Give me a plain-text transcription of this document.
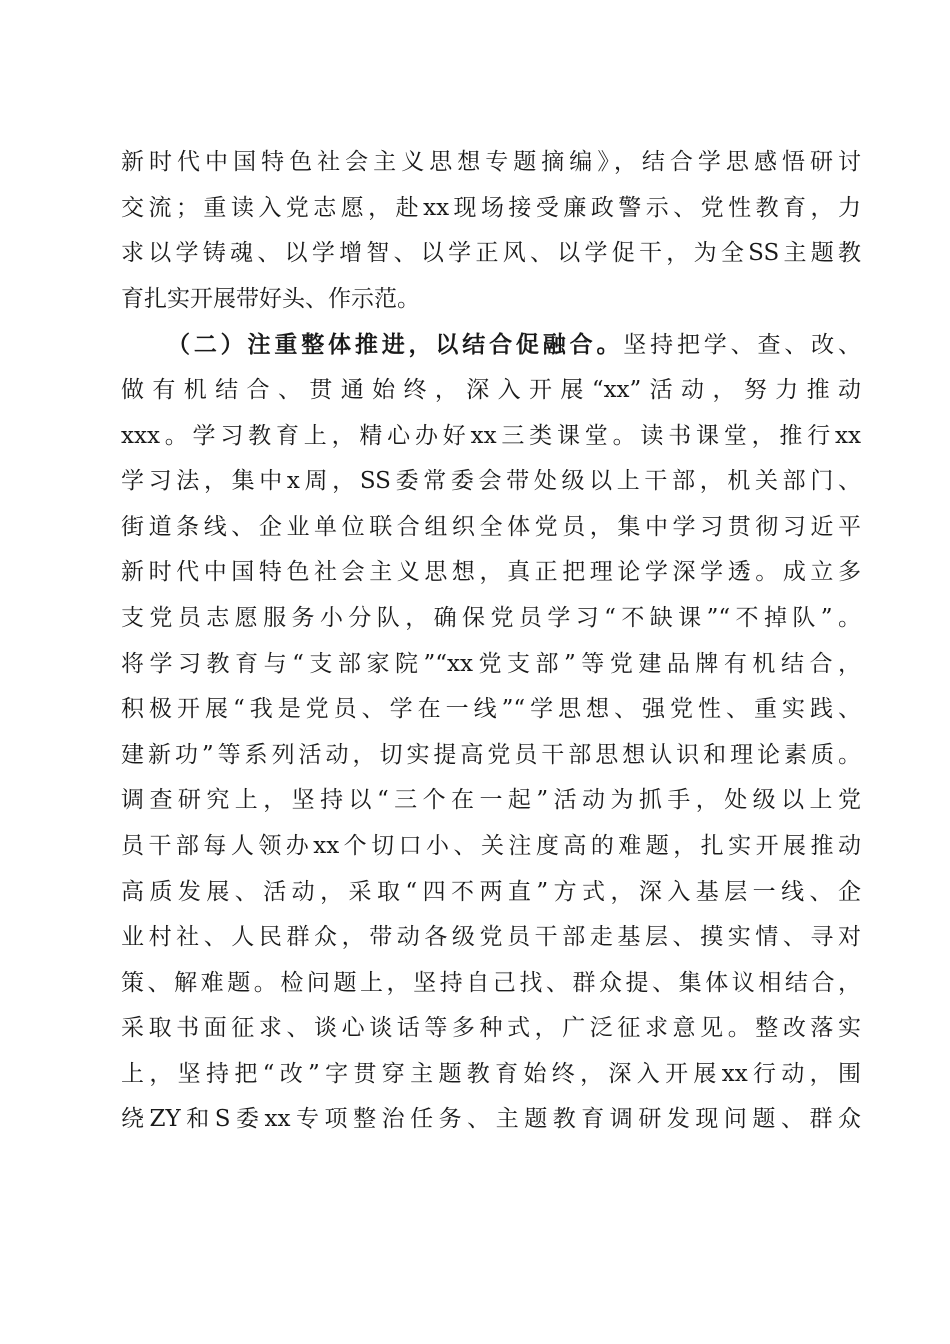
新时代中国特色社会主义思想专题摘编》，结合学思感悟研讨
交流；重读入党志愿，赴xx现场接受廉政警示、党性教育，力
求以学铸魂、以学增智、以学正风、以学促干，为全SS主题教
育扎实开展带好头、作示范。
（二）注重整体推进，以结合促融合。坚持把学、查、改、
做有机结合、贯通始终，深入开展“xx”活动，努力推动
xxx。学习教育上，精心办好xx三类课堂。读书课堂，推行xx
学习法，集中x周，SS委常委会带处级以上干部，机关部门、
街道条线、企业单位联合组织全体党员，集中学习贯彻习近平
新时代中国特色社会主义思想，真正把理论学深学透。成立多
支党员志愿服务小分队，确保党员学习“不缺课”“不掉队”。
将学习教育与“支部家院”“xx党支部”等党建品牌有机结合，
积极开展“我是党员、学在一线”“学思想、强党性、重实践、
建新功”等系列活动，切实提高党员干部思想认识和理论素质。
调查研究上，坚持以“三个在一起”活动为抓手，处级以上党
员干部每人领办xx个切口小、关注度高的难题，扎实开展推动
高质发展、活动，采取“四不两直”方式，深入基层一线、企
业村社、人民群众，带动各级党员干部走基层、摸实情、寻对
策、解难题。检问题上，坚持自己找、群众提、集体议相结合，
采取书面征求、谈心谈话等多种式，广泛征求意见。整改落实
上，坚持把“改”字贯穿主题教育始终，深入开展xx行动，围
绕ZY和S委xx专项整治任务、主题教育调研发现问题、群众
